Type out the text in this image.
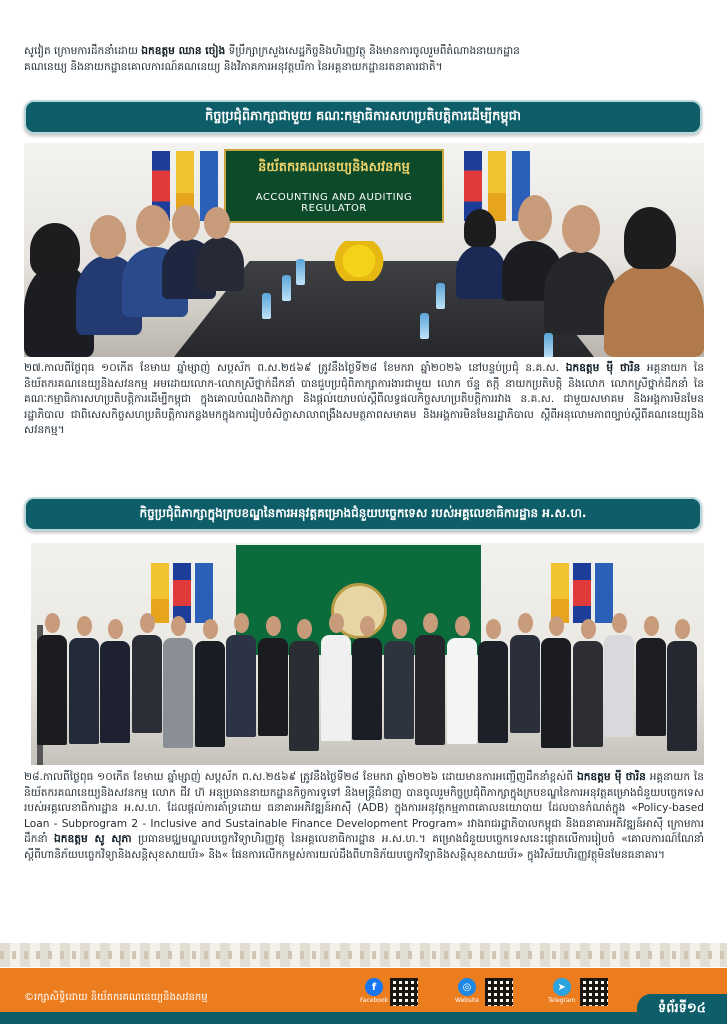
សូវៀត ក្រោមការដឹកនាំដោយ ឯកឧត្តម ឈាន ចៀង ទីប្រឹក្សាក្រសួងសេដ្ឋកិច្ចនិងហិរញ្ញវត្ថុ និងមានការចូលរួមពីតំណាងនាយកដ្ឋាន
គណនេយ្យ និងនាយកដ្ឋានគោលការណ៍គណនេយ្យ និងវិភាគការអនុវត្តបរិកា នៃអគ្គនាយកដ្ឋានរតនាគារជាតិ។

កិច្ចប្រជុំពិភាក្សាជាមួយ គណៈកម្មាធិការសហប្រតិបត្តិការដើម្បីកម្ពុជា
និយ័តករគណនេយ្យនិងសវនកម្ម
ACCOUNTING AND AUDITING REGULATOR

២៧.កាលពីថ្ងៃពុធ ១០កើត ខែមាឃ ឆ្នាំម្សាញ់ សប្តស័ក ព.ស.២៥៦៩ ត្រូវនឹងថ្ងៃទី២៨ ខែមករា ឆ្នាំ២០២៦ នៅបន្ទប់ប្រជុំ ន.គ.ស. ឯកឧត្តម ម៉ី ថារិន អគ្គនាយក នៃនិយ័តករគណនេយ្យនិងសវនកម្ម អមដោយលោក-លោកស្រីថ្នាក់ដឹកនាំ បានជួបប្រជុំពិភាក្សាការងារជាមួយ លោក ច័ន្ទ តក្កី នាយកប្រតិបត្តិ និងលោក លោកស្រីថ្នាក់ដឹកនាំ នៃគណៈកម្មាធិការសហប្រតិបត្តិការដើម្បីកម្ពុជា ក្នុងគោលបំណងពិភាក្សា និងផ្តល់យោបល់ស្តីពីលទ្ធផលកិច្ចសហប្រតិបត្តិការរវាង ន.គ.ស. ជាមួយសមាគម និងអង្គការមិនមែនរដ្ឋាភិបាល ជាពិសេសកិច្ចសហប្រតិបត្តិការកន្លងមកក្នុងការរៀបចំសិក្ខាសាលាពង្រឹងសមត្ថភាពសមាគម និងអង្គការមិនមែនរដ្ឋាភិបាល ស្តីពីអនុលោមភាពច្បាប់ស្តីពីគណនេយ្យនិងសវនកម្ម។

កិច្ចប្រជុំពិភាក្សាក្នុងក្របខណ្ឌនៃការអនុវត្តគម្រោងជំនួយបច្ចេកទេស របស់អគ្គលេខាធិការដ្ឋាន អ.ស.ហ.

២៨.កាលពីថ្ងៃពុធ ១០កើត ខែមាឃ ឆ្នាំម្សាញ់ សប្តស័ក ព.ស.២៥៦៩ ត្រូវនឹងថ្ងៃទី២៨ ខែមករា ឆ្នាំ២០២៦ ដោយមានការអញ្ជើញដឹកនាំខ្ពស់ពី ឯកឧត្តម ម៉ី ថារិន អគ្គនាយក នៃនិយ័តករគណនេយ្យនិងសវនកម្ម លោក ជីវ ហ៊ អនុប្រធាននាយកដ្ឋានកិច្ចការទូទៅ និងមន្ត្រីជំនាញ បានចូលរួមកិច្ចប្រជុំពិភាក្សាក្នុងក្របខណ្ឌនៃការអនុវត្តគម្រោងជំនួយបច្ចេកទេស របស់អគ្គលេខាធិការដ្ឋាន អ.ស.ហ. ដែលផ្តល់ការគាំទ្រដោយ ធនាគារអភិវឌ្ឍន៍អាស៊ី (ADB) ក្នុងការអនុវត្តកម្មភាពគោលនយោបាយ ដែលបានកំណត់ក្នុង «Policy-based Loan - Subprogram 2 - Inclusive and Sustainable Finance Development Program» រវាងរាជរដ្ឋាភិបាលកម្ពុជា និងធនាគារអភិវឌ្ឍន៍អាស៊ី ក្រោមការដឹកនាំ ឯកឧត្តម សូ សុភា ប្រធានមជ្ឈមណ្ឌលបច្ចេកវិទ្យាហិរញ្ញវត្ថុ នៃអគ្គលេខាធិការដ្ឋាន អ.ស.ហ.។ គម្រោងជំនួយបច្ចេកទេសនេះផ្តោតលើការរៀបចំ «គោលការណ៍ណែនាំស្តីពីហានិភ័យបច្ចេកវិទ្យានិងសន្តិសុខសាយប័រ» និង« ផែនការលើកកម្ពស់ការយល់ដឹងពីហានិភ័យបច្ចេកវិទ្យានិងសន្តិសុខសាយប័រ» ក្នុងវិស័យហិរញ្ញវត្ថុមិនមែនធនាគារ។

©រក្សាសិទ្ធិដោយ និយ័តករគណនេយ្យនិងសវនកម្ម
f
Facebook
◎
Website
➤
Telegram	ទំព័រទី១៤
